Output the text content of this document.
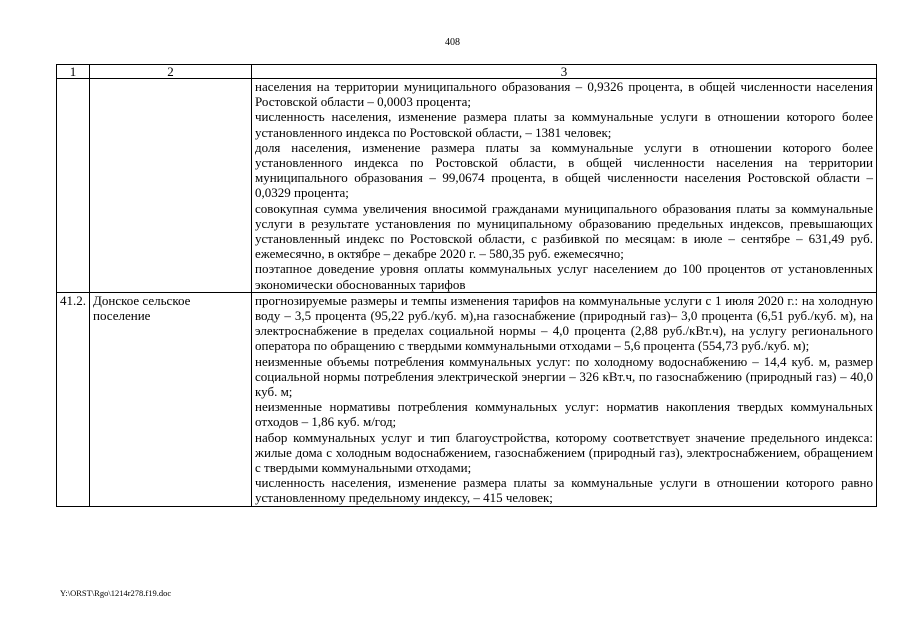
408
1	2	3

		населения на территории муниципального образования – 0,9326 процента, в общей численности населения Ростовской области – 0,0003 процента;

численность населения, изменение размера платы за коммунальные услуги в отношении которого более установленного индекса по Ростовской области, – 1381 человек;

доля населения, изменение размера платы за коммунальные услуги в отношении которого более установленного индекса по Ростовской области, в общей численности населения на территории муниципального образования – 99,0674 процента, в общей численности населения Ростовской области – 0,0329 процента;

совокупная сумма увеличения вносимой гражданами муниципального образования платы за коммунальные услуги в результате установления по муниципальному образованию предельных индексов, превышающих установленный индекс по Ростовской области, с разбивкой по месяцам: в июле – сентябре – 631,49 руб. ежемесячно, в октябре – декабре 2020 г. – 580,35 руб. ежемесячно;

поэтапное доведение уровня оплаты коммунальных услуг населением до 100 процентов от установленных экономически обоснованных тарифов

41.2.	Донское сельское поселение	прогнозируемые размеры и темпы изменения тарифов на коммунальные услуги с 1 июля 2020 г.: на холодную воду – 3,5 процента (95,22 руб./куб. м),на газоснабжение (природный газ)– 3,0 процента (6,51 руб./куб. м), на электроснабжение в пределах социальной нормы – 4,0 процента (2,88 руб./кВт.ч), на услугу регионального оператора по обращению с твердыми коммунальными отходами – 5,6 процента (554,73 руб./куб. м);

неизменные объемы потребления коммунальных услуг: по холодному водоснабжению – 14,4 куб. м, размер социальной нормы потребления электрической энергии – 326 кВт.ч, по газоснабжению (природный газ) – 40,0 куб. м;

неизменные нормативы потребления коммунальных услуг: норматив накопления твердых коммунальных отходов – 1,86 куб. м/год;

набор коммунальных услуг и тип благоустройства, которому соответствует значение предельного индекса: жилые дома с холодным водоснабжением, газоснабжением (природный газ), электроснабжением, обращением с твердыми коммунальными отходами;

численность населения, изменение размера платы за коммунальные услуги в отношении которого равно установленному предельному индексу, – 415 человек;

Y:\ORST\Rgo\1214r278.f19.doc
